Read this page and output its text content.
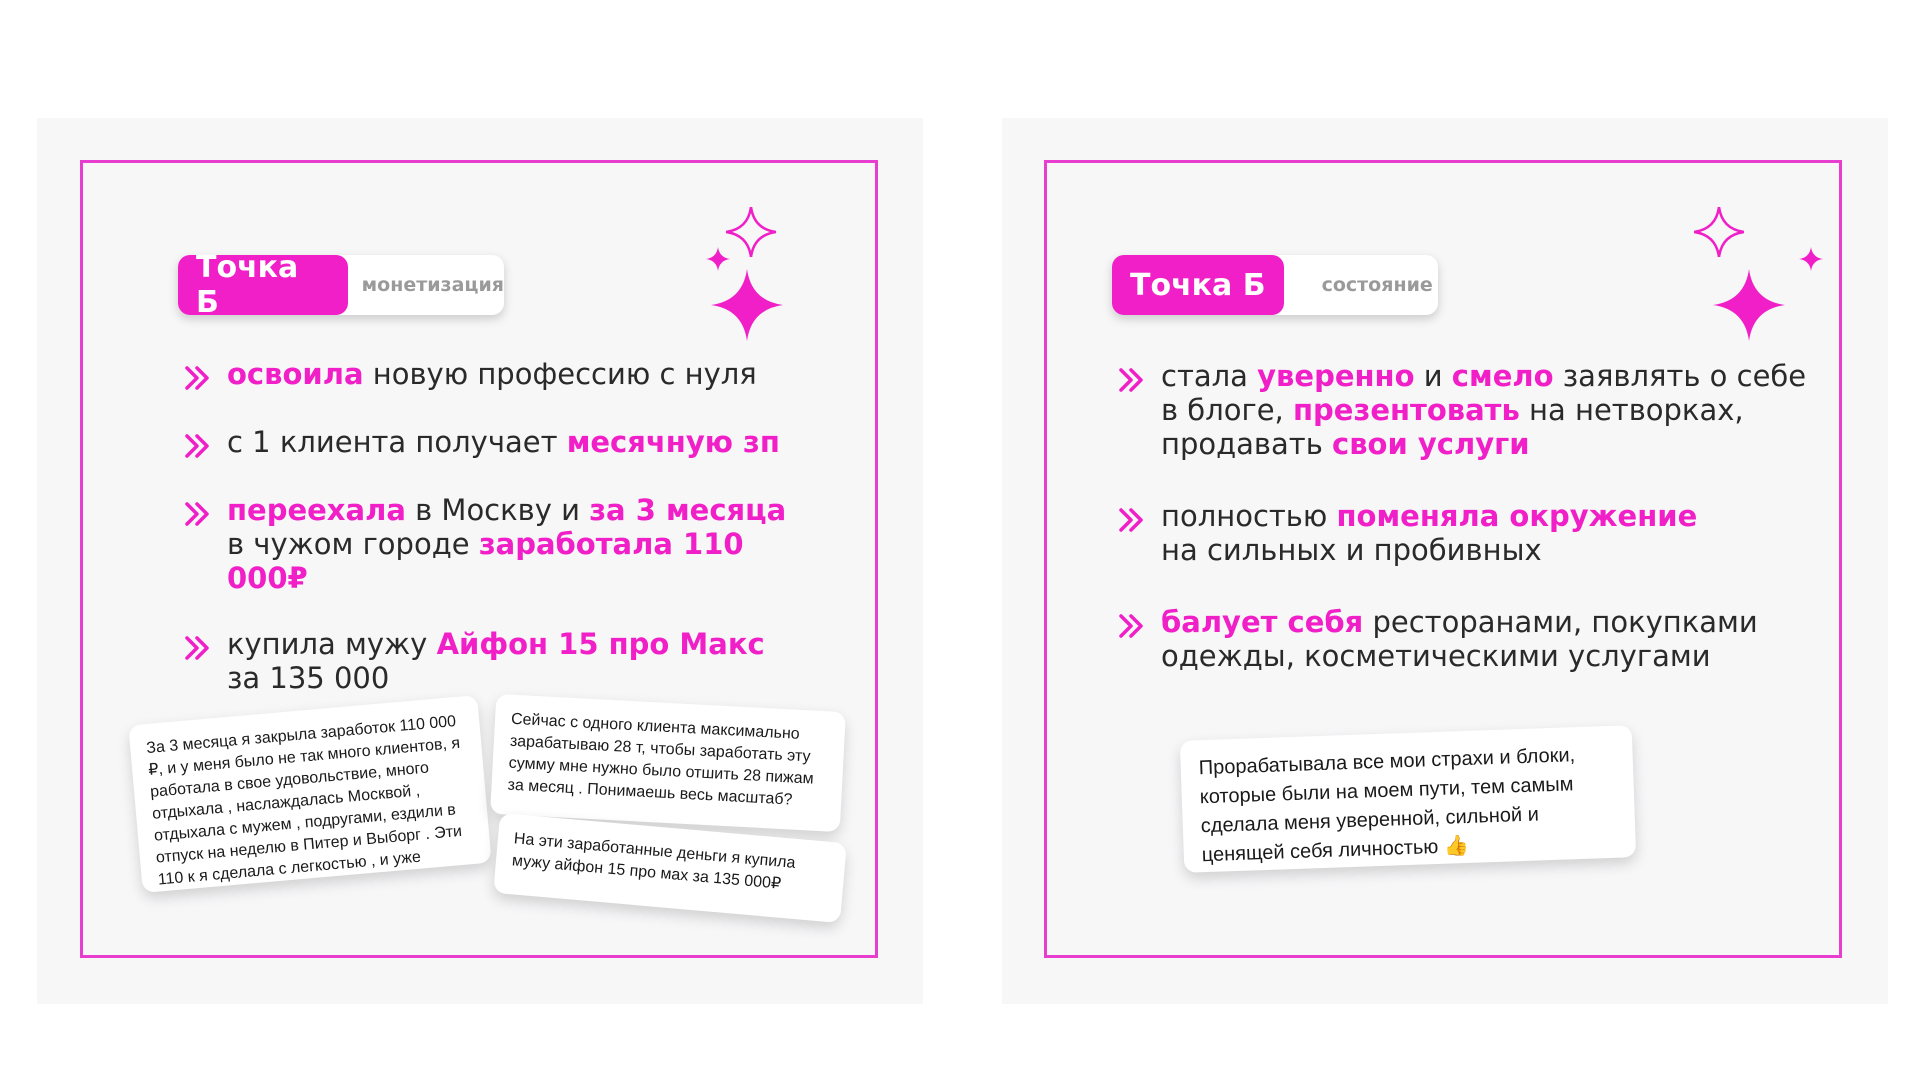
Точка Б	монетизация
освоила новую профессию с нуля
с 1 клиента получает месячную зп
переехала в Москву и за 3 месяца
в чужом городе заработала 110 000₽
купила мужу Айфон 15 про Макс
за 135 000
За 3 месяца я закрыла заработок 110 000 ₽, и у меня было не так много клиентов, я работала в свое удовольствие, много отдыхала , наслаждалась Москвой , отдыхала с мужем , подругами, ездили в отпуск на неделю в Питер и Выборг . Эти 110 к я сделала с легкостью , и уже
Сейчас с одного клиента максимально зарабатываю 28 т, чтобы заработать эту сумму мне нужно было отшить 28 пижам за месяц . Понимаешь весь масштаб?
На эти заработанные деньги я купила мужу айфон 15 про мах за 135 000₽
Точка Б	состояние
стала уверенно и смело заявлять о себе
в блоге, презентовать на нетворках,
продавать свои услуги
полностью поменяла окружение
на сильных и пробивных
балует себя ресторанами, покупками
одежды, косметическими услугами
Прорабатывала все мои страхи и блоки, которые были на моем пути, тем самым сделала меня уверенной, сильной и ценящей себя личностью 👍
